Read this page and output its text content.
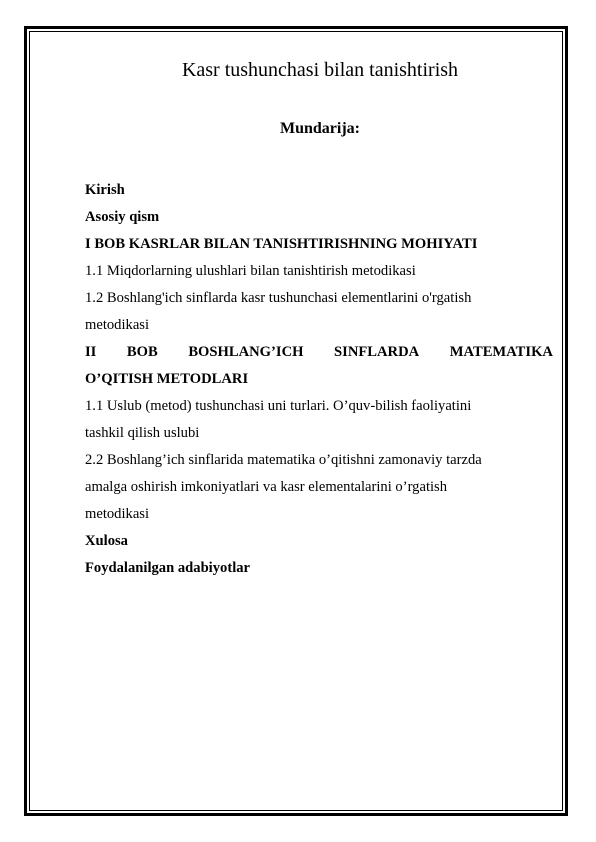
Kasr tushunchasi bilan tanishtirish
Mundarija:
Kirish
Asosiy qism
I BOB KASRLAR BILAN TANISHTIRISHNING MOHIYATI
1.1 Miqdorlarning ulushlari bilan tanishtirish metodikasi
1.2 Boshlang'ich sinflarda kasr tushunchasi elementlarini o'rgatish
metodikasi
II BOB BOSHLANG’ICH SINFLARDA MATEMATIKA
O’QITISH METODLARI
1.1 Uslub (metod) tushunchasi uni turlari. O’quv-bilish faoliyatini
tashkil qilish uslubi
2.2 Boshlang’ich sinflarida matematika o’qitishni zamonaviy tarzda
amalga oshirish imkoniyatlari va kasr elementalarini o’rgatish
metodikasi
Xulosa
Foydalanilgan adabiyotlar
